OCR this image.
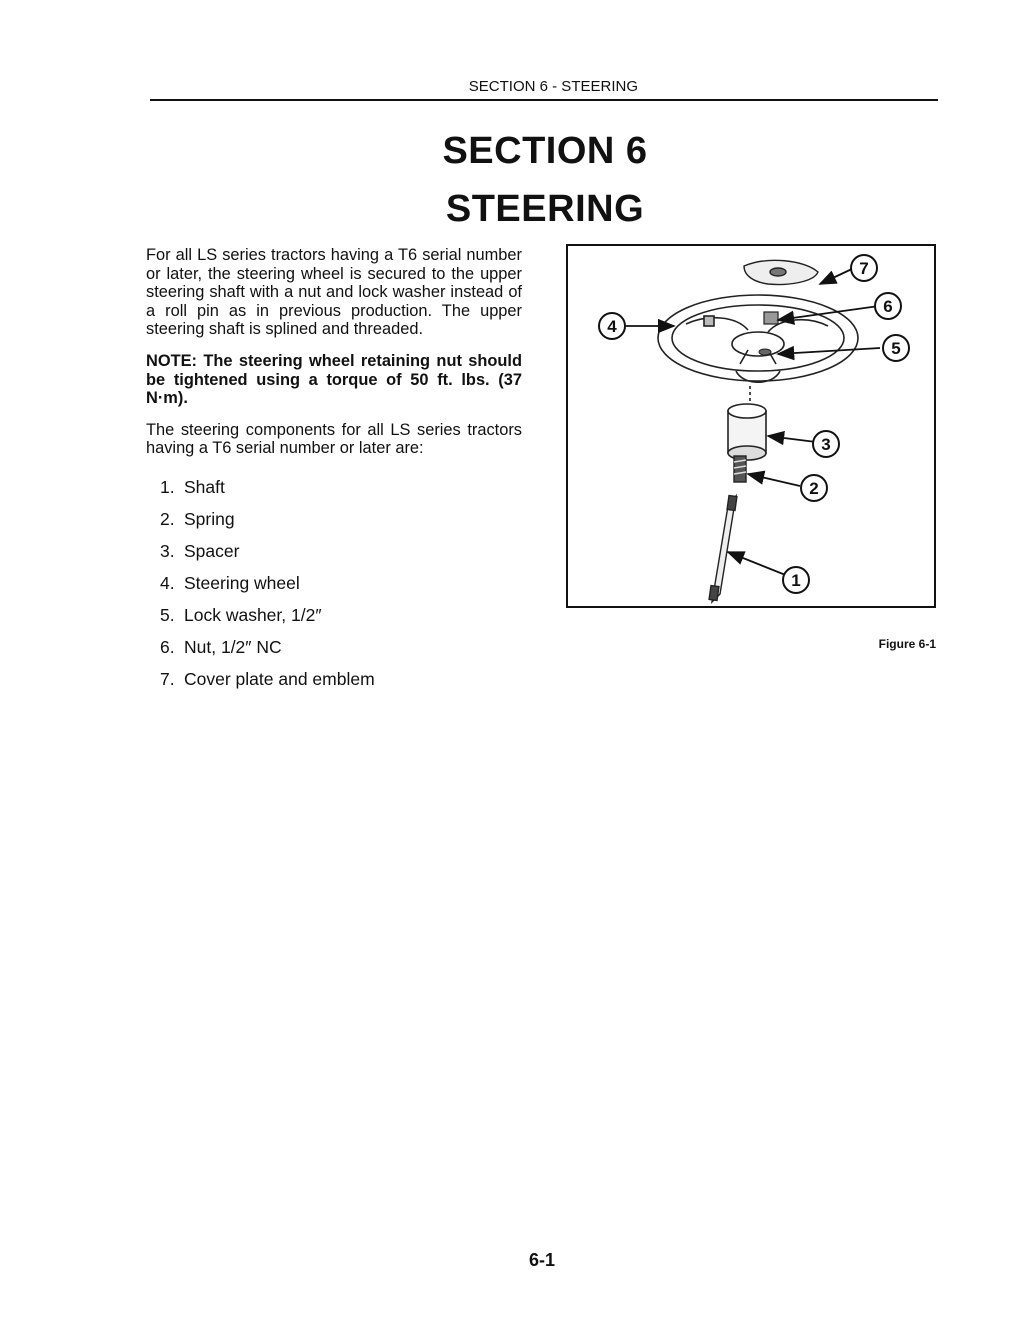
SECTION 6 - STEERING
SECTION 6
STEERING

For all LS series tractors having a T6 serial number or later, the steering wheel is secured to the upper steering shaft with a nut and lock washer instead of a roll pin as in previous production. The upper steering shaft is splined and threaded.

NOTE: The steering wheel retaining nut should be tightened using a torque of 50 ft. lbs. (37 N·m).

The steering components for all LS series tractors having a T6 serial number or later are:

1. Shaft
2. Spring
3. Spacer
4. Steering wheel
5. Lock washer, 1/2″
6. Nut, 1/2″ NC
7. Cover plate and emblem
7
6
5
4
3
2
1
Figure 6-1
6-1
